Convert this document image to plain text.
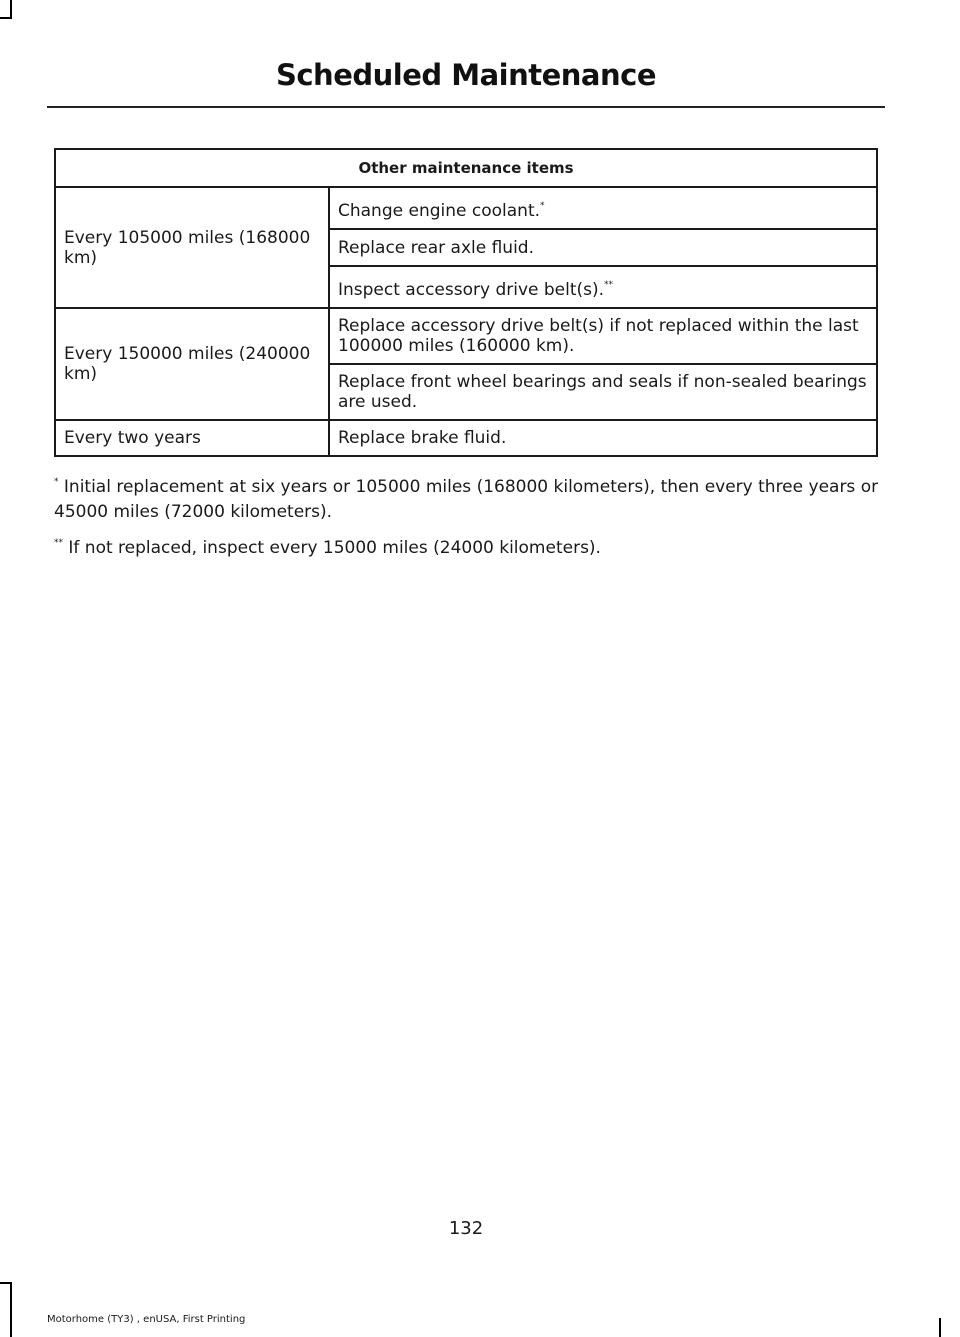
Scheduled Maintenance
Other maintenance items	
Every 105000 miles (168000 km)	Change engine coolant.*
	Replace rear axle fluid.
	Inspect accessory drive belt(s).**
Every 150000 miles (240000 km)	Replace accessory drive belt(s) if not replaced within the last 100000 miles (160000 km).
	Replace front wheel bearings and seals if non-sealed bearings are used.
Every two years	Replace brake fluid.

* Initial replacement at six years or 105000 miles (168000 kilometers), then every three years or 45000 miles (72000 kilometers).

** If not replaced, inspect every 15000 miles (24000 kilometers).

132
Motorhome (TY3) , enUSA, First Printing
